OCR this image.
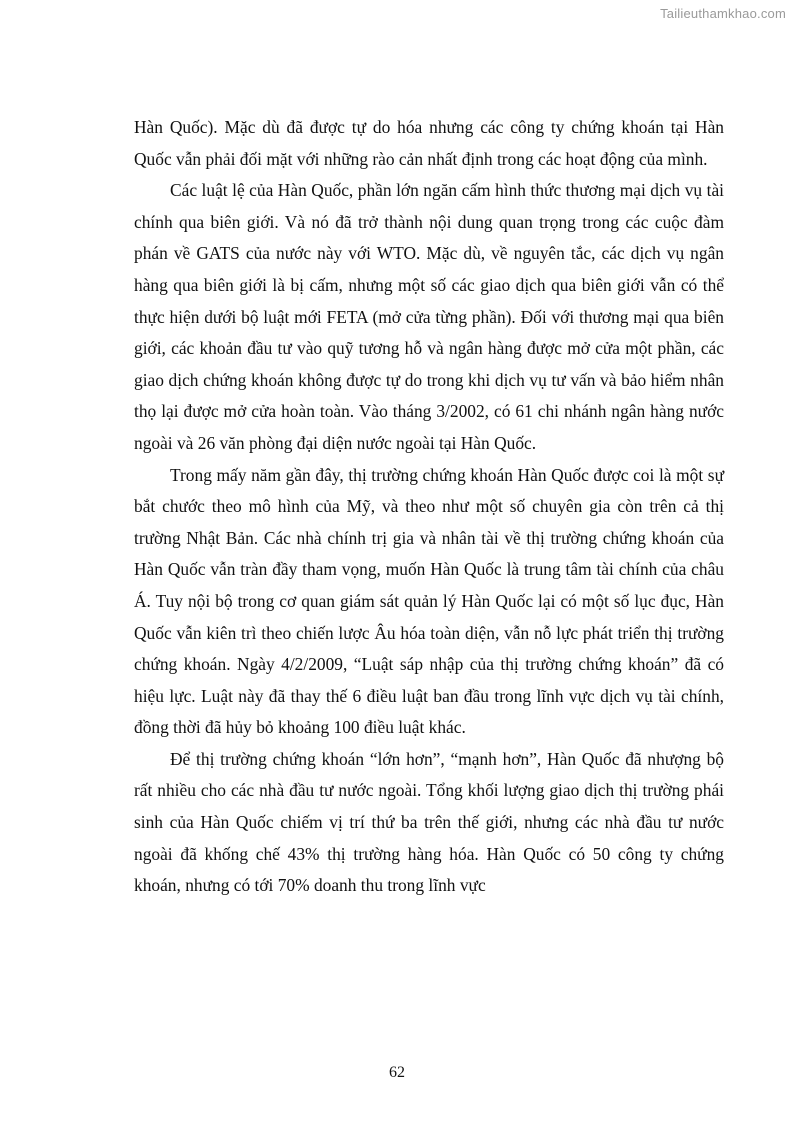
Tailieuthamkhao.com

Hàn Quốc). Mặc dù đã được tự do hóa nhưng các công ty chứng khoán tại Hàn Quốc vẫn phải đối mặt với những rào cản nhất định trong các hoạt động của mình.

Các luật lệ của Hàn Quốc, phần lớn ngăn cấm hình thức thương mại dịch vụ tài chính qua biên giới. Và nó đã trở thành nội dung quan trọng trong các cuộc đàm phán về GATS của nước này với WTO. Mặc dù, về nguyên tắc, các dịch vụ ngân hàng qua biên giới là bị cấm, nhưng một số các giao dịch qua biên giới vẫn có thể thực hiện dưới bộ luật mới FETA (mở cửa từng phần). Đối với thương mại qua biên giới, các khoản đầu tư vào quỹ tương hỗ và ngân hàng được mở cửa một phần, các giao dịch chứng khoán không được tự do trong khi dịch vụ tư vấn và bảo hiểm nhân thọ lại được mở cửa hoàn toàn. Vào tháng 3/2002, có 61 chi nhánh ngân hàng nước ngoài và 26 văn phòng đại diện nước ngoài tại Hàn Quốc.

Trong mấy năm gần đây, thị trường chứng khoán Hàn Quốc được coi là một sự bắt chước theo mô hình của Mỹ, và theo như một số chuyên gia còn trên cả thị trường Nhật Bản. Các nhà chính trị gia và nhân tài về thị trường chứng khoán của Hàn Quốc vẫn tràn đầy tham vọng, muốn Hàn Quốc là trung tâm tài chính của châu Á. Tuy nội bộ trong cơ quan giám sát quản lý Hàn Quốc lại có một số lục đục, Hàn Quốc vẫn kiên trì theo chiến lược Âu hóa toàn diện, vẫn nỗ lực phát triển thị trường chứng khoán. Ngày 4/2/2009, “Luật sáp nhập của thị trường chứng khoán” đã có hiệu lực. Luật này đã thay thế 6 điều luật ban đầu trong lĩnh vực dịch vụ tài chính, đồng thời đã hủy bỏ khoảng 100 điều luật khác.

Để thị trường chứng khoán “lớn hơn”, “mạnh hơn”, Hàn Quốc đã nhượng bộ rất nhiều cho các nhà đầu tư nước ngoài. Tổng khối lượng giao dịch thị trường phái sinh của Hàn Quốc chiếm vị trí thứ ba trên thế giới, nhưng các nhà đầu tư nước ngoài đã khống chế 43% thị trường hàng hóa. Hàn Quốc có 50 công ty chứng khoán, nhưng có tới 70% doanh thu trong lĩnh vực

62
